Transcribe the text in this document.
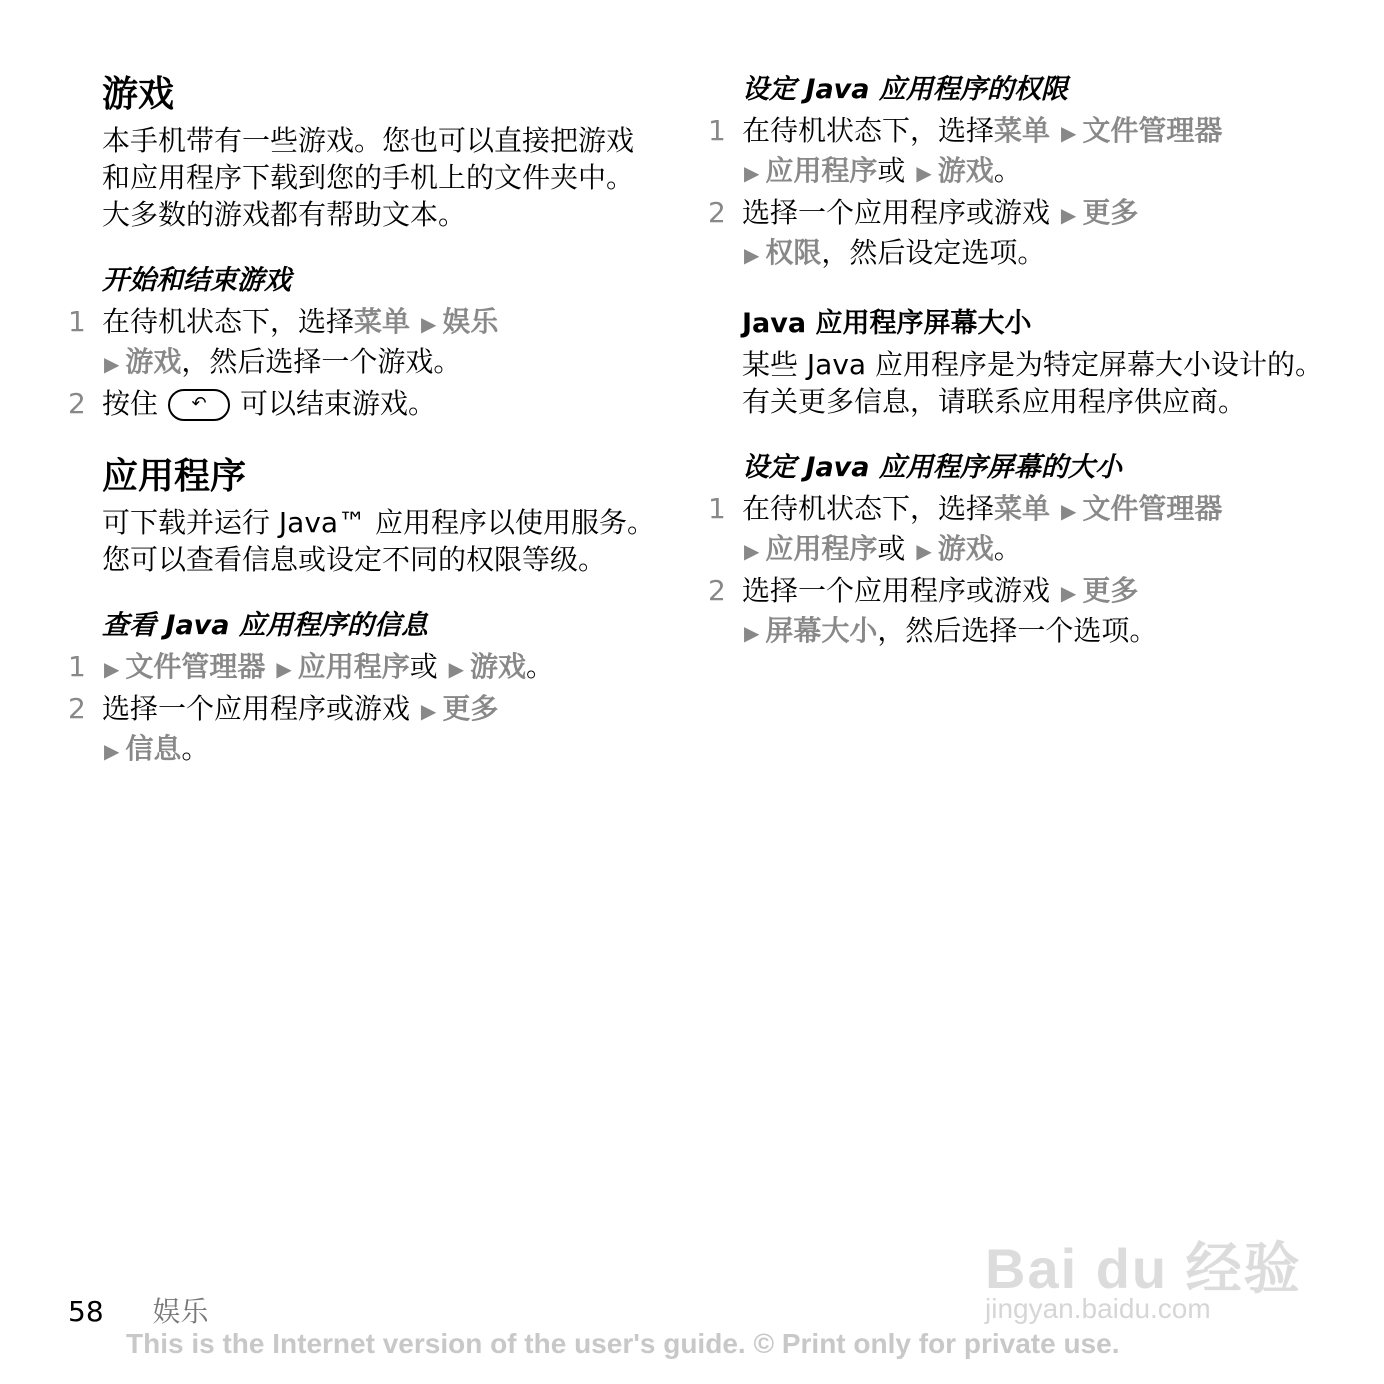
游戏
本手机带有一些游戏。您也可以直接把游戏和应用程序下载到您的手机上的文件夹中。大多数的游戏都有帮助文本。
开始和结束游戏
1 在待机状态下，选择菜单 ▶ 娱乐
▶ 游戏，然后选择一个游戏。
2 按住 ↶ 可以结束游戏。
应用程序
可下载并运行 Java™ 应用程序以使用服务。您可以查看信息或设定不同的权限等级。
查看 Java 应用程序的信息
1 ▶ 文件管理器 ▶ 应用程序或 ▶ 游戏。
2 选择一个应用程序或游戏 ▶ 更多
▶ 信息。
设定 Java 应用程序的权限
1 在待机状态下，选择菜单 ▶ 文件管理器
▶ 应用程序或 ▶ 游戏。
2 选择一个应用程序或游戏 ▶ 更多
▶ 权限，然后设定选项。
Java 应用程序屏幕大小
某些 Java 应用程序是为特定屏幕大小设计的。有关更多信息，请联系应用程序供应商。
设定 Java 应用程序屏幕的大小
1 在待机状态下，选择菜单 ▶ 文件管理器
▶ 应用程序或 ▶ 游戏。
2 选择一个应用程序或游戏 ▶ 更多
▶ 屏幕大小，然后选择一个选项。
Bai du 经验
jingyan.baidu.com
58 娱乐
This is the Internet version of the user's guide. © Print only for private use.
